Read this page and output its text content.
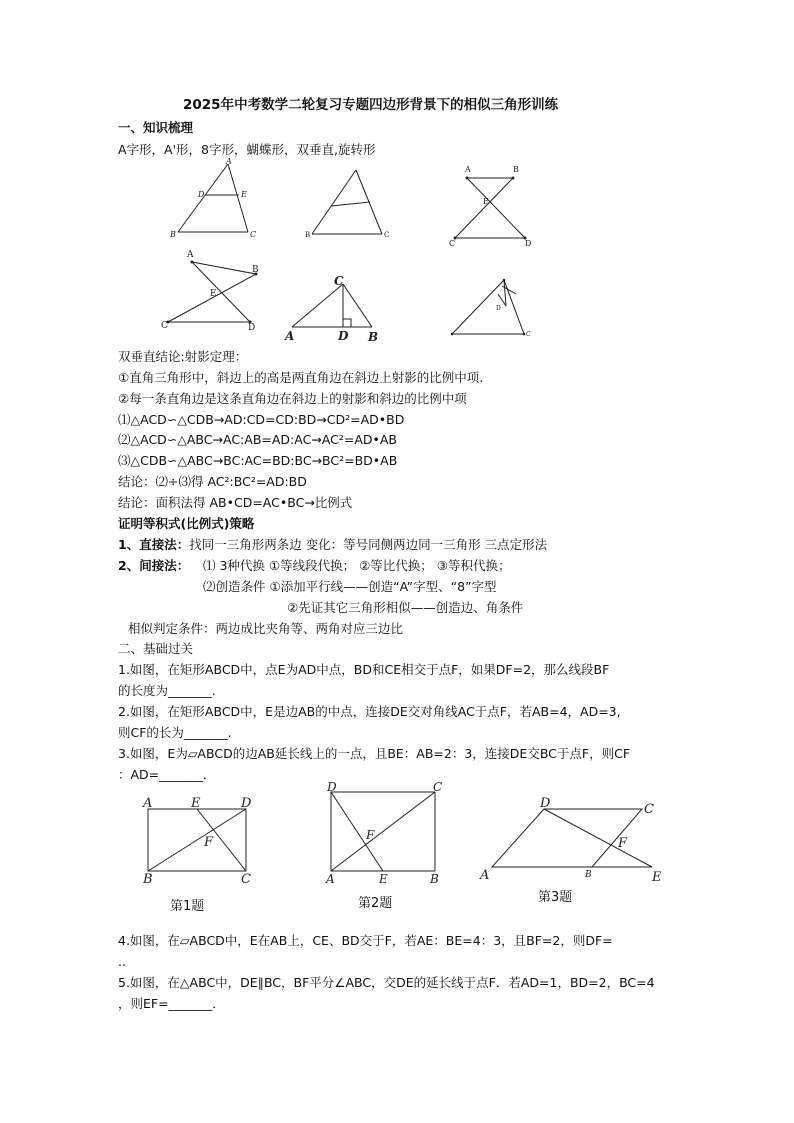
2025年中考数学二轮复习专题四边形背景下的相似三角形训练
一、知识梳理
A字形，A'形，8字形，蝴蝶形，双垂直,旋转形
A
D	E
B	C	B	C
A	B
E
C	D
A
B
E
C	D
C
A	D B
D
C
双垂直结论:射影定理：
①直角三角形中，斜边上的高是两直角边在斜边上射影的比例中项.
②每一条直角边是这条直角边在斜边上的射影和斜边的比例中项
⑴△ACD∽△CDB→AD:CD=CD:BD→CD²=AD•BD
⑵△ACD∽△ABC→AC:AB=AD:AC→AC²=AD•AB
⑶△CDB∽△ABC→BC:AC=BD:BC→BC²=BD•AB
结论：⑵÷⑶得 AC²:BC²=AD:BD
结论：面积法得 AB•CD=AC•BC→比例式
证明等积式(比例式)策略
1、直接法：找同一三角形两条边 变化：等号同侧两边同一三角形 三点定形法
2、间接法： ⑴ 3种代换 ①等线段代换； ②等比代换； ③等积代换；
⑵创造条件 ①添加平行线——创造“A”字型、“8”字型
②先证其它三角形相似——创造边、角条件
相似判定条件：两边成比夹角等、两角对应三边比
二、基础过关
1.如图，在矩形ABCD中，点E为AD中点，BD和CE相交于点F，如果DF=2，那么线段BF
的长度为_______.
2.如图，在矩形ABCD中，E是边AB的中点，连接DE交对角线AC于点F，若AB=4，AD=3,
则CF的长为_______.
3.如图，E为▱ABCD的边AB延长线上的一点，且BE：AB=2：3，连接DE交BC于点F，则CF
：AD=_______．
A	E	D
F
B	C
D	C
F
A	E	B
D	C
F
A	B	E
第1题	第2题	第3题
4.如图，在▱ABCD中，E在AB上，CE、BD交于F，若AE：BE=4：3，且BF=2，则DF=
..
5.如图，在△ABC中，DE∥BC，BF平分∠ABC，交DE的延长线于点F．若AD=1，BD=2，BC=4
，则EF=_______．
